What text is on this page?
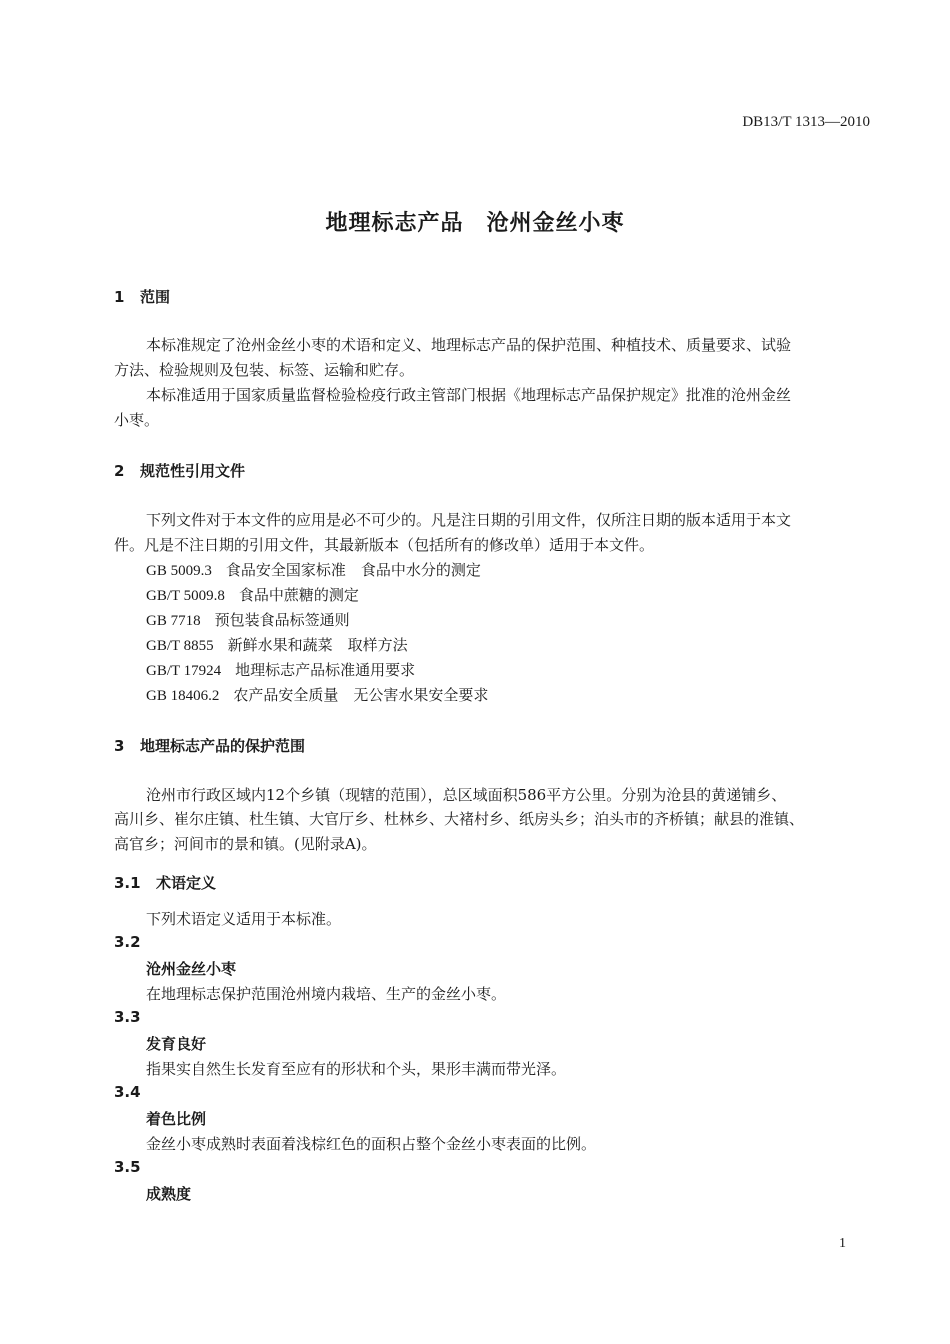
DB13/T 1313—2010
地理标志产品　沧州金丝小枣
1 范围
本标准规定了沧州金丝小枣的术语和定义、地理标志产品的保护范围、种植技术、质量要求、试验
方法、检验规则及包装、标签、运输和贮存。
本标准适用于国家质量监督检验检疫行政主管部门根据《地理标志产品保护规定》批准的沧州金丝
小枣。
2 规范性引用文件
下列文件对于本文件的应用是必不可少的。凡是注日期的引用文件，仅所注日期的版本适用于本文
件。凡是不注日期的引用文件，其最新版本（包括所有的修改单）适用于本文件。
GB 5009.3 食品安全国家标准　食品中水分的测定
GB/T 5009.8 食品中蔗糖的测定
GB 7718 预包装食品标签通则
GB/T 8855 新鲜水果和蔬菜　取样方法
GB/T 17924 地理标志产品标准通用要求
GB 18406.2 农产品安全质量　无公害水果安全要求
3 地理标志产品的保护范围
沧州市行政区域内12个乡镇（现辖的范围），总区域面积586平方公里。分别为沧县的黄递铺乡、
高川乡、崔尔庄镇、杜生镇、大官厅乡、杜林乡、大褚村乡、纸房头乡；泊头市的齐桥镇；献县的淮镇、
高官乡；河间市的景和镇。(见附录A)。
3.1 术语定义
下列术语定义适用于本标准。
3.2
沧州金丝小枣
在地理标志保护范围沧州境内栽培、生产的金丝小枣。
3.3
发育良好
指果实自然生长发育至应有的形状和个头，果形丰满而带光泽。
3.4
着色比例
金丝小枣成熟时表面着浅棕红色的面积占整个金丝小枣表面的比例。
3.5
成熟度
1
